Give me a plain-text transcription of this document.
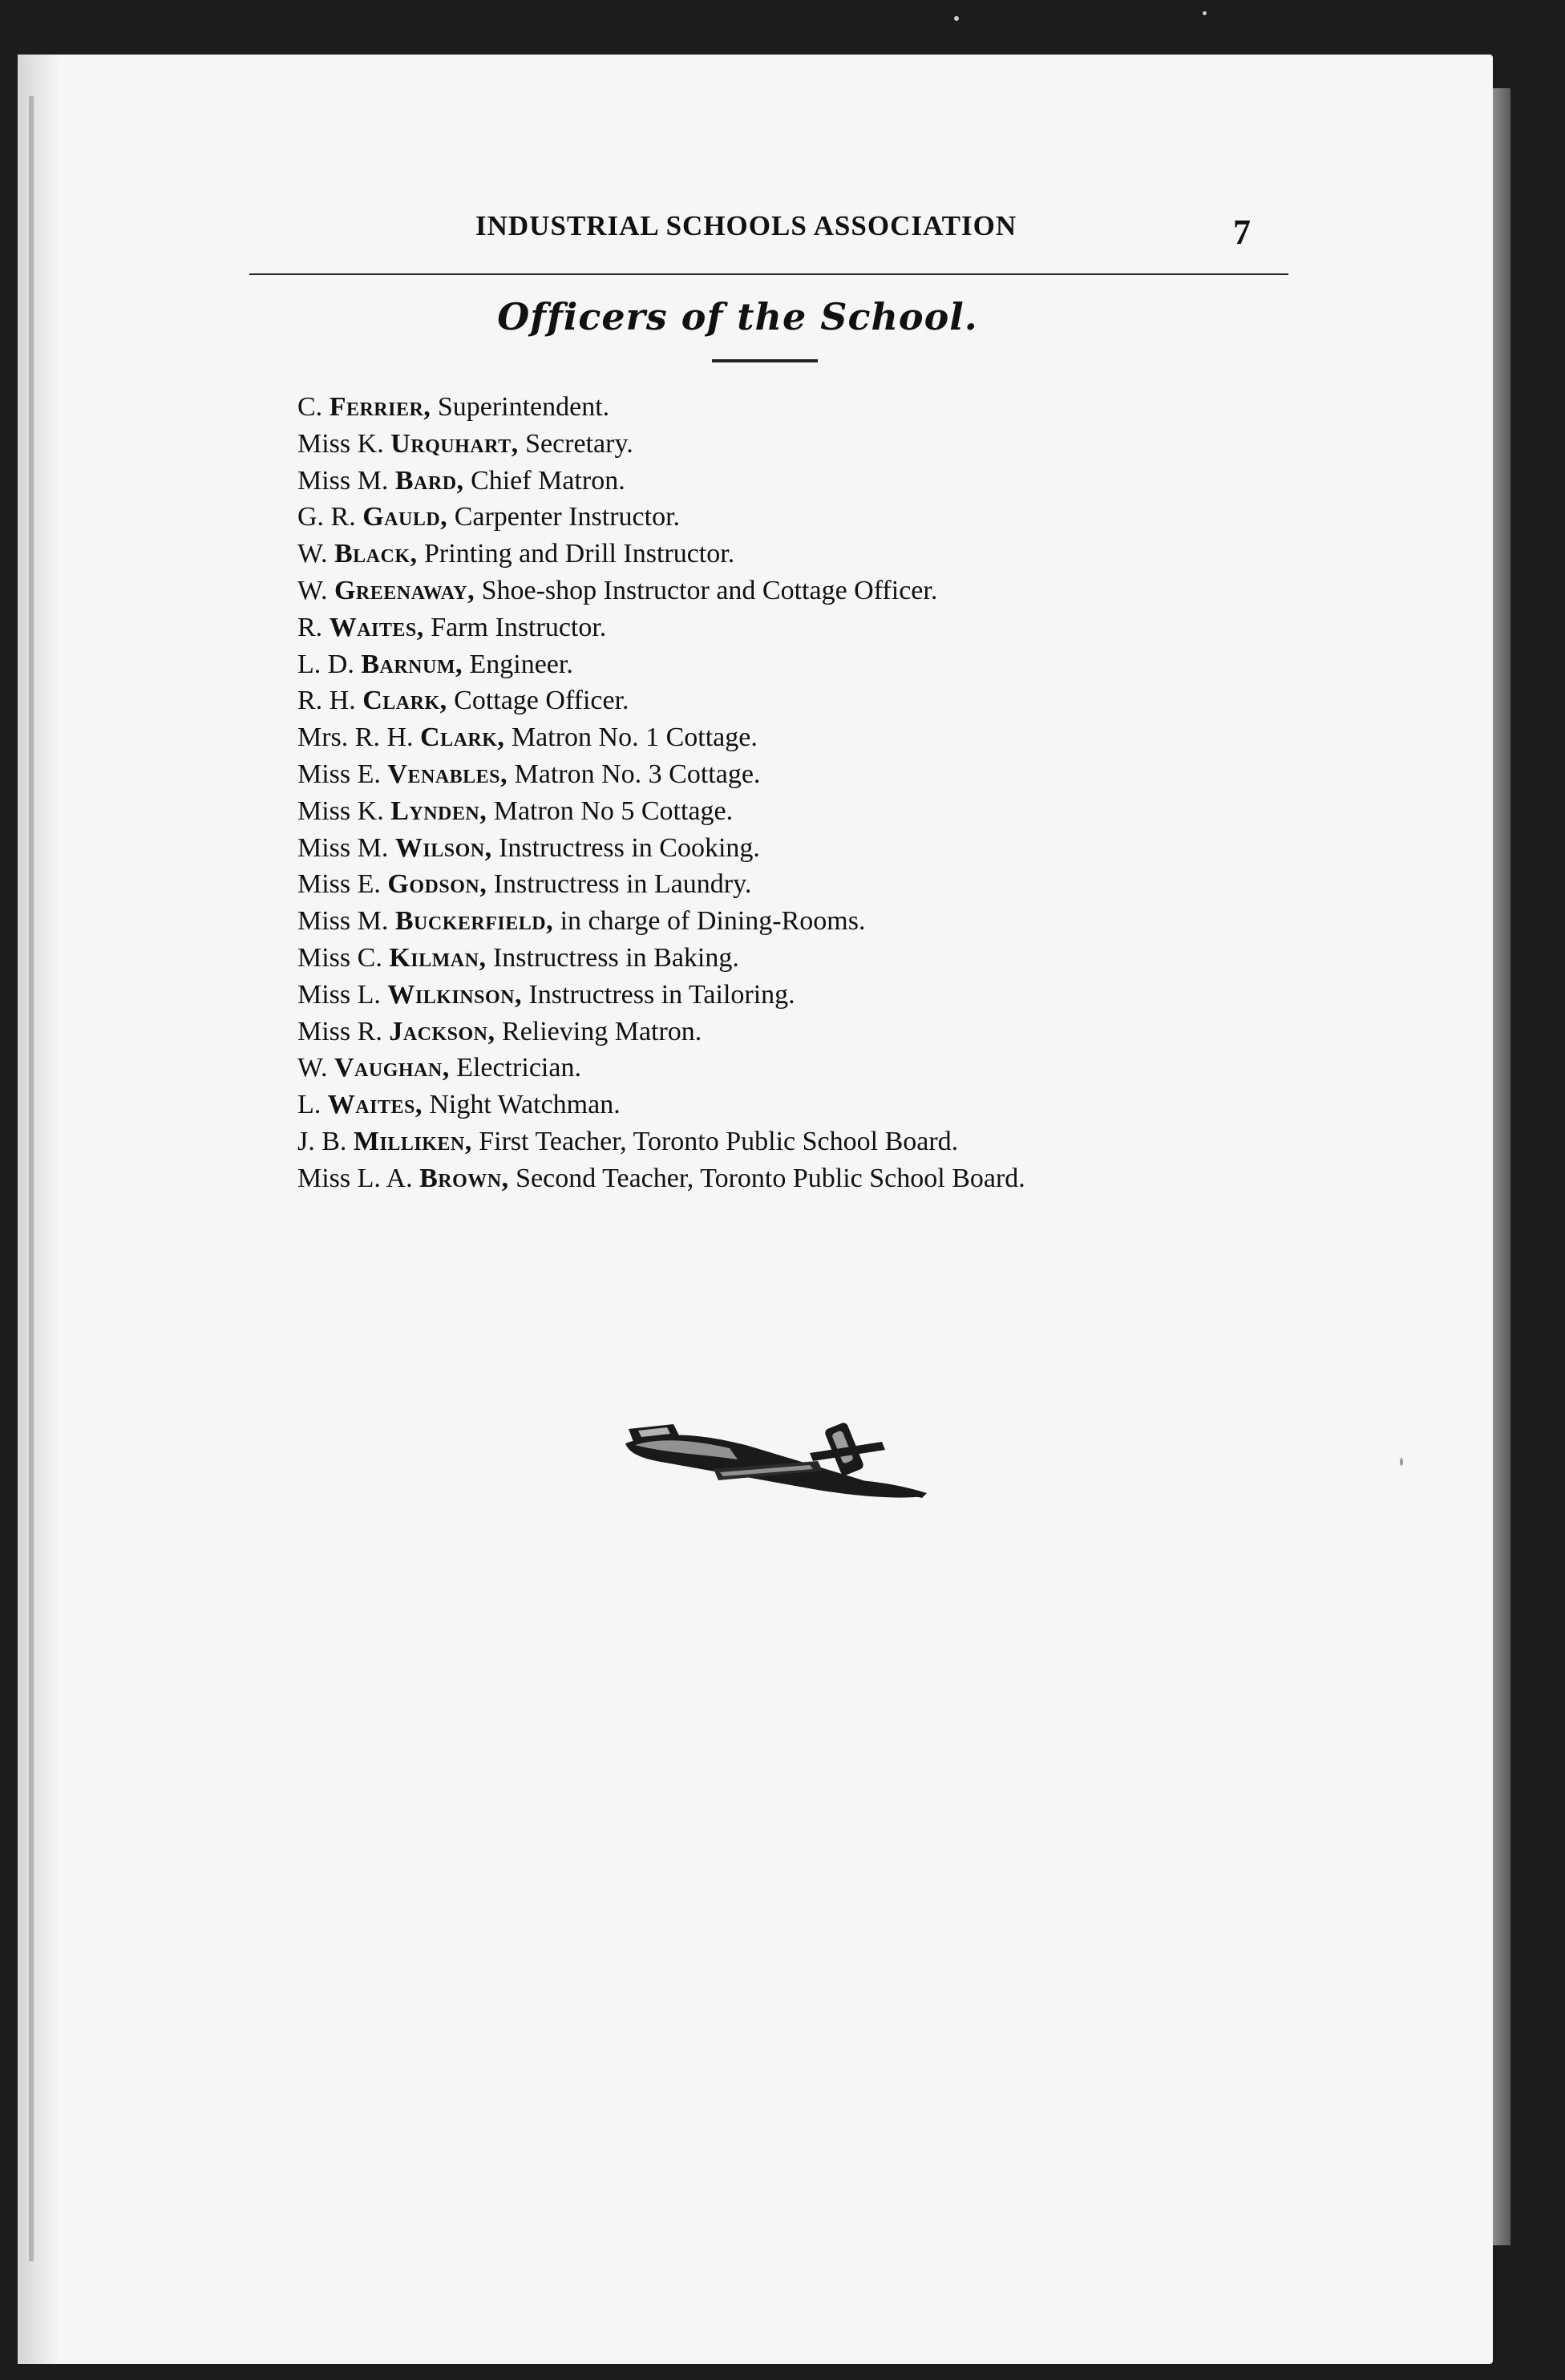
INDUSTRIAL SCHOOLS ASSOCIATION	7
Officers of the School.
C. Ferrier, Superintendent.
Miss K. Urquhart, Secretary.
Miss M. Bard, Chief Matron.
G. R. Gauld, Carpenter Instructor.
W. Black, Printing and Drill Instructor.
W. Greenaway, Shoe-shop Instructor and Cottage Officer.
R. Waites, Farm Instructor.
L. D. Barnum, Engineer.
R. H. Clark, Cottage Officer.
Mrs. R. H. Clark, Matron No. 1 Cottage.
Miss E. Venables, Matron No. 3 Cottage.
Miss K. Lynden, Matron No 5 Cottage.
Miss M. Wilson, Instructress in Cooking.
Miss E. Godson, Instructress in Laundry.
Miss M. Buckerfield, in charge of Dining-Rooms.
Miss C. Kilman, Instructress in Baking.
Miss L. Wilkinson, Instructress in Tailoring.
Miss R. Jackson, Relieving Matron.
W. Vaughan, Electrician.
L. Waites, Night Watchman.
J. B. Milliken, First Teacher, Toronto Public School Board.
Miss L. A. Brown, Second Teacher, Toronto Public School Board.
